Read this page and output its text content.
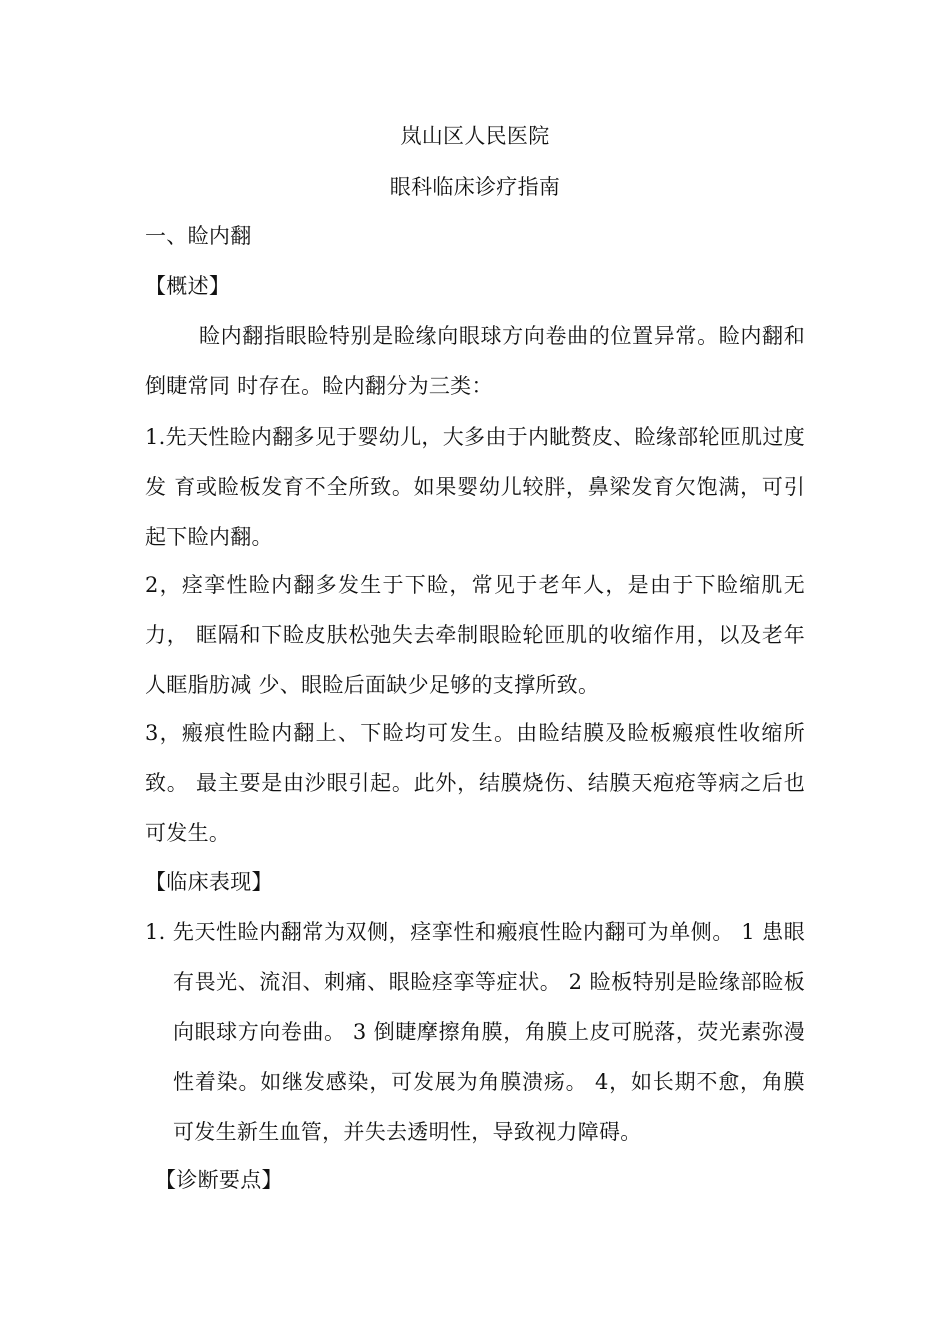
岚山区人民医院
眼科临床诊疗指南
一、睑内翻
【概述】
睑内翻指眼睑特别是睑缘向眼球方向卷曲的位置异常。睑内翻和倒睫常同 时存在。睑内翻分为三类：
1.先天性睑内翻多见于婴幼儿，大多由于内眦赘皮、睑缘部轮匝肌过度发 育或睑板发育不全所致。如果婴幼儿较胖，鼻梁发育欠饱满，可引起下睑内翻。
2，痉挛性睑内翻多发生于下睑，常见于老年人，是由于下睑缩肌无力， 眶隔和下睑皮肤松弛失去牵制眼睑轮匝肌的收缩作用，以及老年人眶脂肪减 少、眼睑后面缺少足够的支撑所致。
3，瘢痕性睑内翻上、下睑均可发生。由睑结膜及睑板瘢痕性收缩所致。 最主要是由沙眼引起。此外，结膜烧伤、结膜天疱疮等病之后也可发生。
【临床表现】
1. 先天性睑内翻常为双侧，痉挛性和瘢痕性睑内翻可为单侧。 1 患眼有畏光、流泪、刺痛、眼睑痉挛等症状。 2 睑板特别是睑缘部睑板向眼球方向卷曲。 3 倒睫摩擦角膜，角膜上皮可脱落，荧光素弥漫性着染。如继发感染，可发展为角膜溃疡。 4，如长期不愈，角膜可发生新生血管，并失去透明性，导致视力障碍。
【诊断要点】
